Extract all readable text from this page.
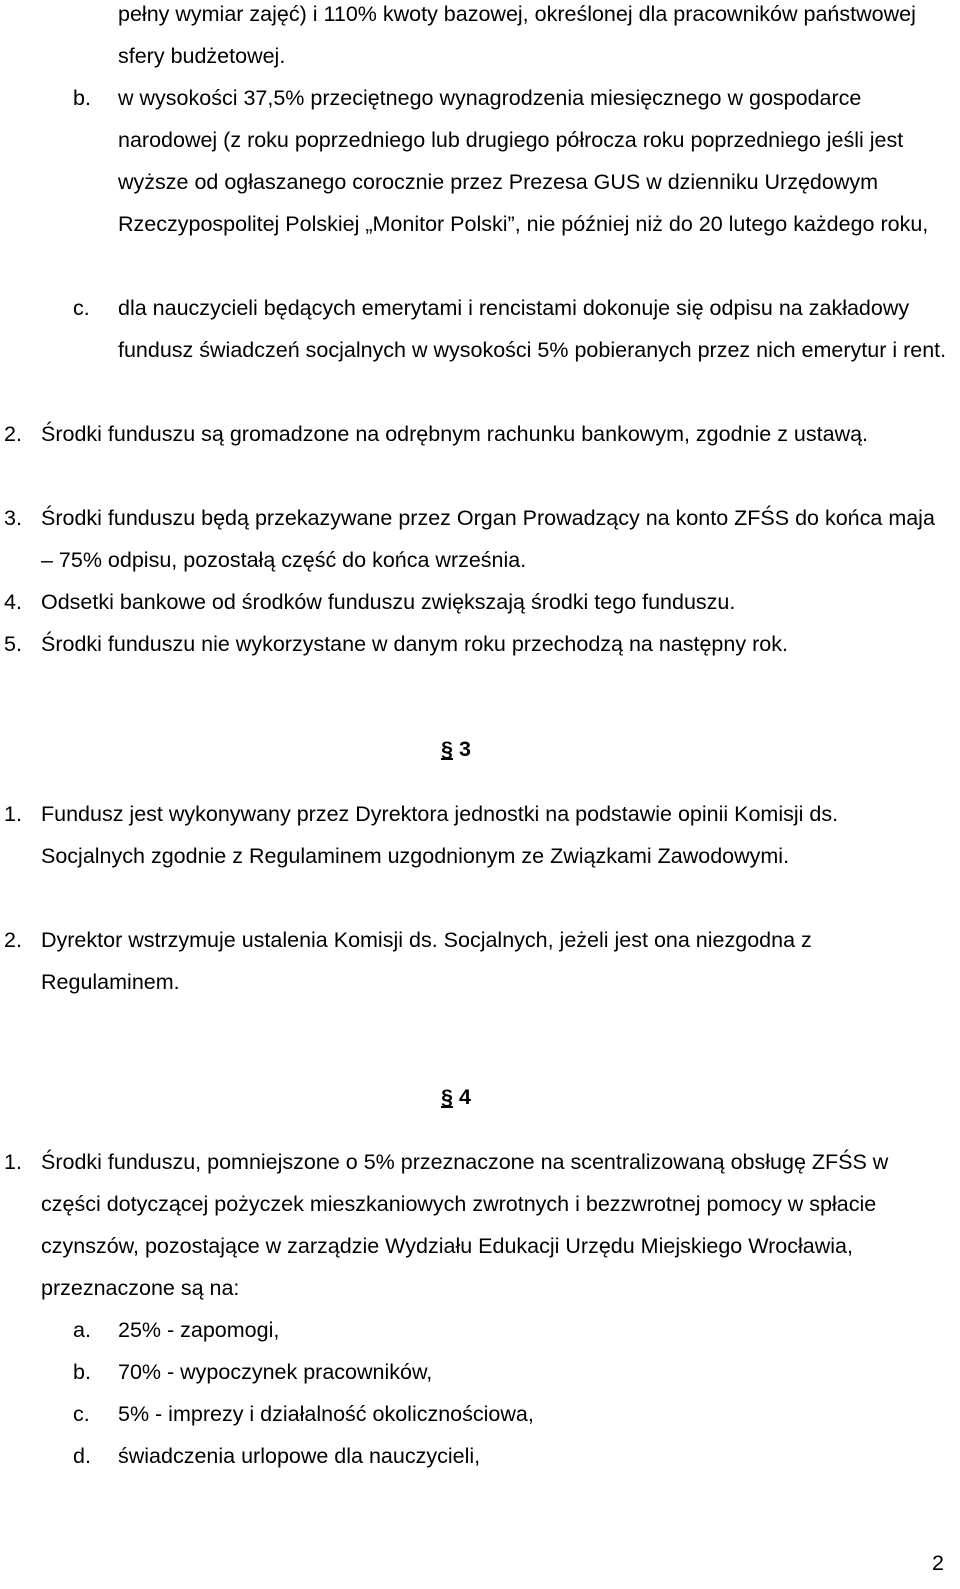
pełny wymiar zajęć) i 110% kwoty bazowej, określonej dla pracowników państwowej sfery budżetowej.
b. w wysokości 37,5% przeciętnego wynagrodzenia miesięcznego w gospodarce narodowej (z roku poprzedniego lub drugiego półrocza roku poprzedniego jeśli jest wyższe od ogłaszanego corocznie przez Prezesa GUS w dzienniku Urzędowym Rzeczypospolitej Polskiej „Monitor Polski”, nie później niż do 20 lutego każdego roku,
c. dla nauczycieli będących emerytami i rencistami dokonuje się odpisu na zakładowy fundusz świadczeń socjalnych w wysokości 5% pobieranych przez nich emerytur i rent.
2. Środki funduszu są gromadzone na odrębnym rachunku bankowym, zgodnie z ustawą.
3. Środki funduszu będą przekazywane przez Organ Prowadzący na konto ZFŚS do końca maja – 75% odpisu, pozostałą część do końca września.
4. Odsetki bankowe od środków funduszu zwiększają środki tego funduszu.
5. Środki funduszu nie wykorzystane w danym roku przechodzą na następny rok.
§ 3
1. Fundusz jest wykonywany przez Dyrektora jednostki na podstawie opinii Komisji ds. Socjalnych zgodnie z Regulaminem uzgodnionym ze Związkami Zawodowymi.
2. Dyrektor wstrzymuje ustalenia Komisji ds. Socjalnych, jeżeli jest ona niezgodna z Regulaminem.
§ 4
1. Środki funduszu, pomniejszone o 5% przeznaczone na scentralizowaną obsługę ZFŚS w części dotyczącej pożyczek mieszkaniowych zwrotnych i bezzwrotnej pomocy w spłacie czynszów, pozostające w zarządzie Wydziału Edukacji Urzędu Miejskiego Wrocławia, przeznaczone są na:
a. 25% - zapomogi,
b. 70% - wypoczynek pracowników,
c. 5% - imprezy i działalność okolicznościowa,
d. świadczenia urlopowe dla nauczycieli,
2
